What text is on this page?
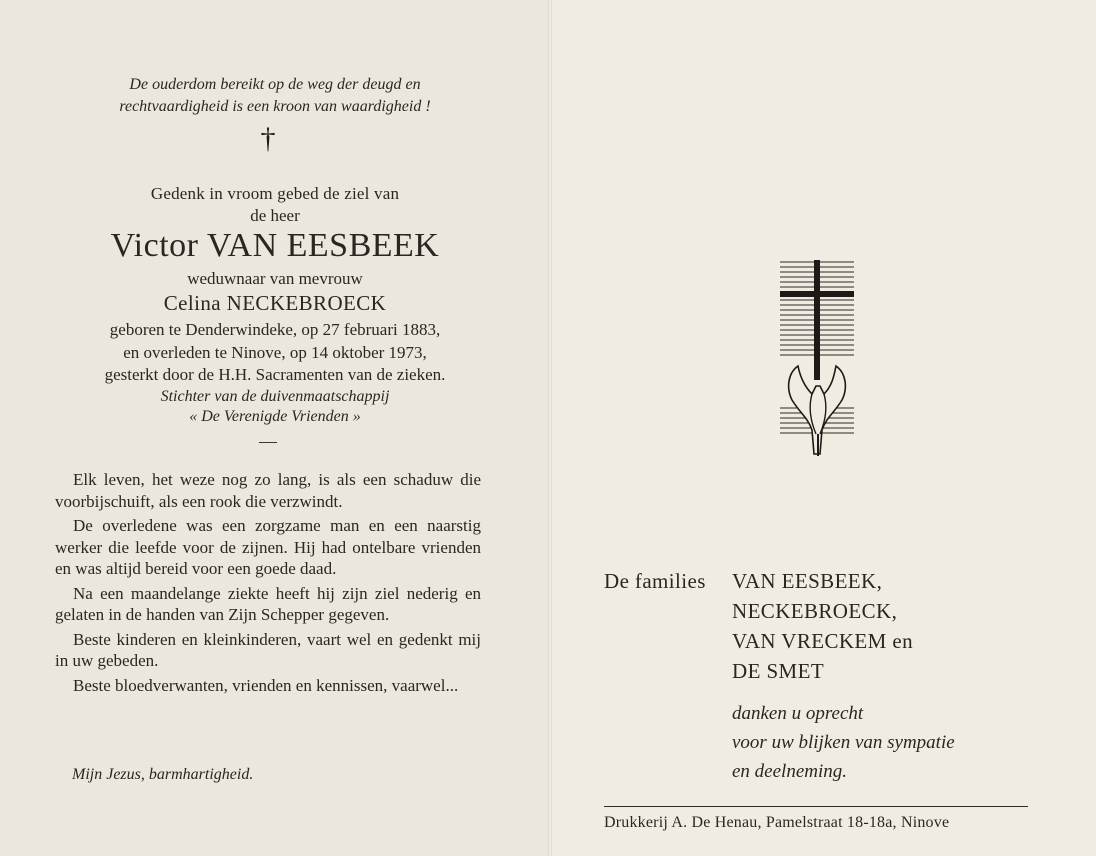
De ouderdom bereikt op de weg der deugd en
rechtvaardigheid is een kroon van waardigheid !
†
Gedenk in vroom gebed de ziel van
de heer
Victor VAN EESBEEK
weduwnaar van mevrouw
Celina NECKEBROECK
geboren te Denderwindeke, op 27 februari 1883,
en overleden te Ninove, op 14 oktober 1973,
gesterkt door de H.H. Sacramenten van de zieken.
Stichter van de duivenmaatschappij
« De Verenigde Vrienden »

Elk leven, het weze nog zo lang, is als een schaduw die voorbijschuift, als een rook die verzwindt.

De overledene was een zorgzame man en een naarstig werker die leefde voor de zijnen. Hij had ontelbare vrienden en was altijd bereid voor een goede daad.

Na een maandelange ziekte heeft hij zijn ziel nederig en gelaten in de handen van Zijn Schepper gegeven.

Beste kinderen en kleinkinderen, vaart wel en gedenkt mij in uw gebeden.

Beste bloedverwanten, vrienden en kennissen, vaarwel...

Mijn Jezus, barmhartigheid.
De families VAN EESBEEK,
NECKEBROECK,
VAN VRECKEM en
DE SMET
danken u oprecht
voor uw blijken van sympatie
en deelneming.
Drukkerij A. De Henau, Pamelstraat 18-18a, Ninove
